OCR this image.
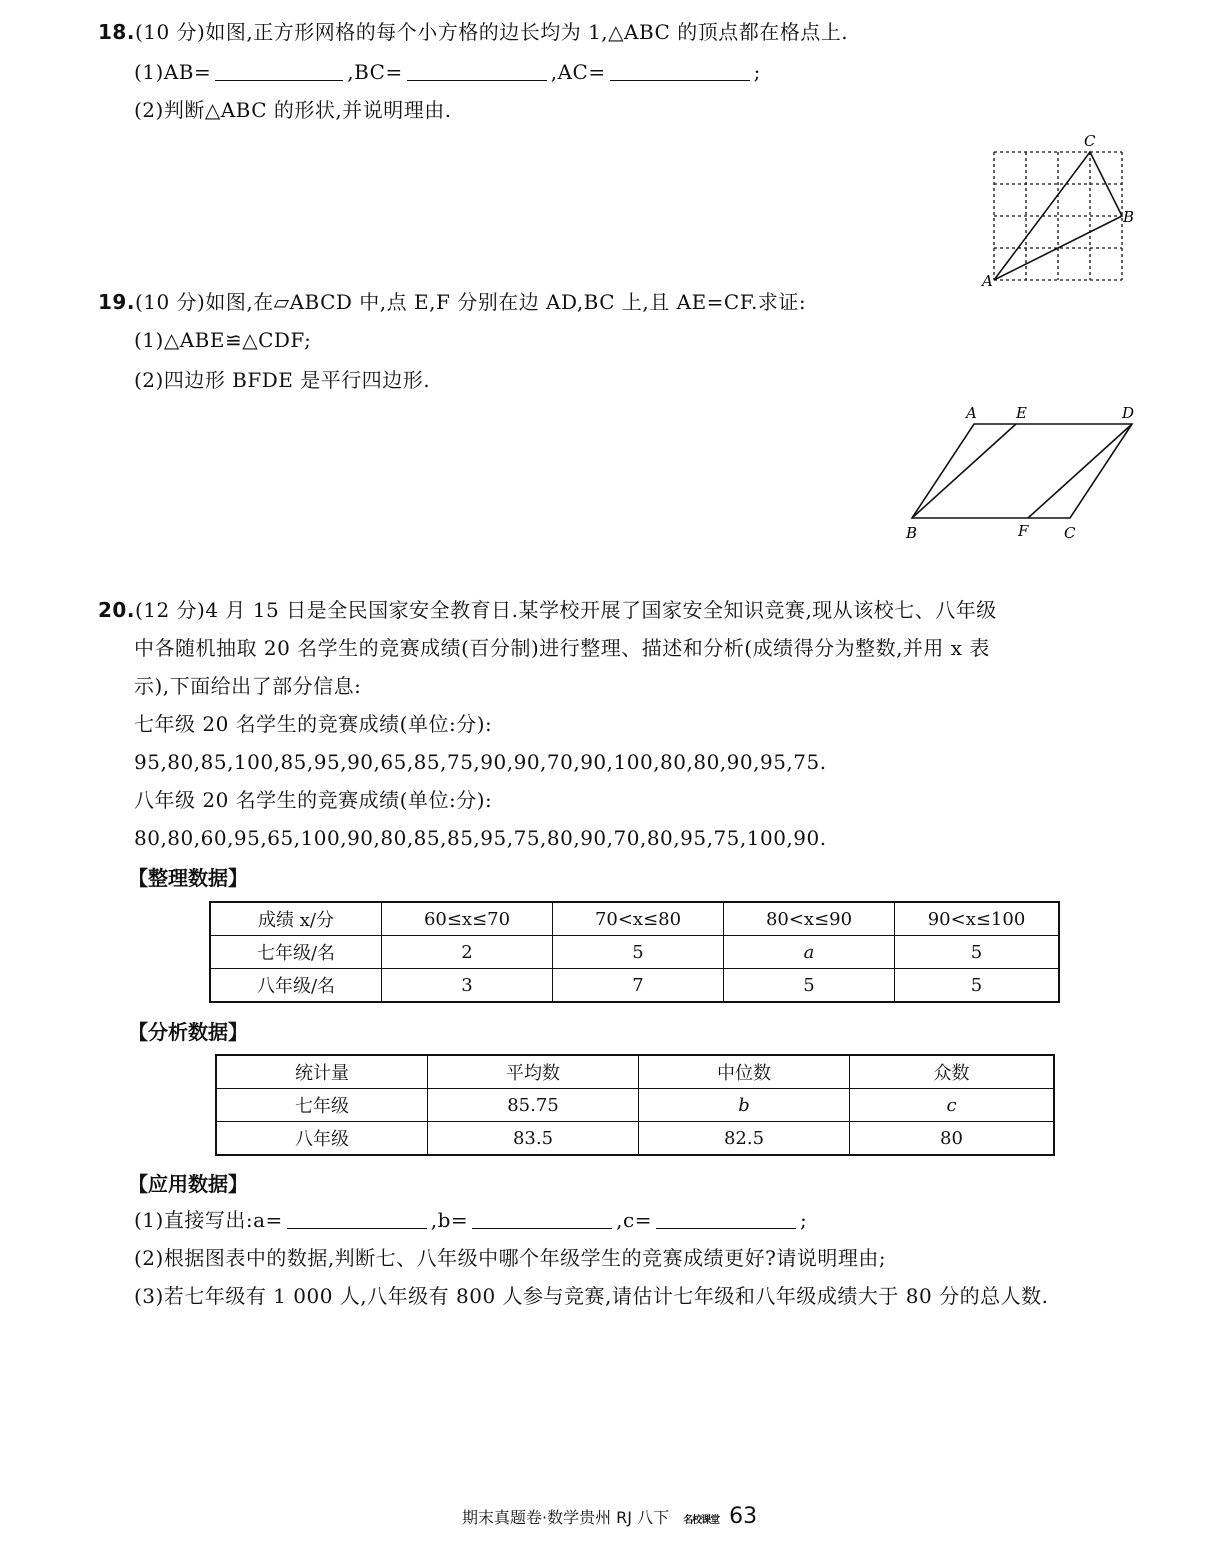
18.(10 分)如图,正方形网格的每个小方格的边长均为 1,△ABC 的顶点都在格点上.
(1)AB=	,BC=	,AC=	;
(2)判断△ABC 的形状,并说明理由.
A
B
C
19.(10 分)如图,在▱ABCD 中,点 E,F 分别在边 AD,BC 上,且 AE=CF.求证:
(1)△ABE≌△CDF;
(2)四边形 BFDE 是平行四边形.
A	E	D
B	F C
20.(12 分)4 月 15 日是全民国家安全教育日.某学校开展了国家安全知识竞赛,现从该校七、八年级
中各随机抽取 20 名学生的竞赛成绩(百分制)进行整理、描述和分析(成绩得分为整数,并用 x 表
示),下面给出了部分信息:
七年级 20 名学生的竞赛成绩(单位:分):
95,80,85,100,85,95,90,65,85,75,90,90,70,90,100,80,80,90,95,75.
八年级 20 名学生的竞赛成绩(单位:分):
80,80,60,95,65,100,90,80,85,85,95,75,80,90,70,80,95,75,100,90.
【整理数据】
成绩 x/分	60≤x≤70	70<x≤80	80<x≤90	90<x≤100
七年级/名	2	5	a	5
八年级/名	3	7	5	5
【分析数据】
统计量	平均数	中位数	众数
七年级	85.75	b	c
八年级	83.5	82.5	80
【应用数据】
(1)直接写出:a=	,b=	,c=	;
(2)根据图表中的数据,判断七、八年级中哪个年级学生的竞赛成绩更好?请说明理由;
(3)若七年级有 1 000 人,八年级有 800 人参与竞赛,请估计七年级和八年级成绩大于 80 分的总人数.
期末真题卷·数学贵州 RJ 八下 名校课堂 63
